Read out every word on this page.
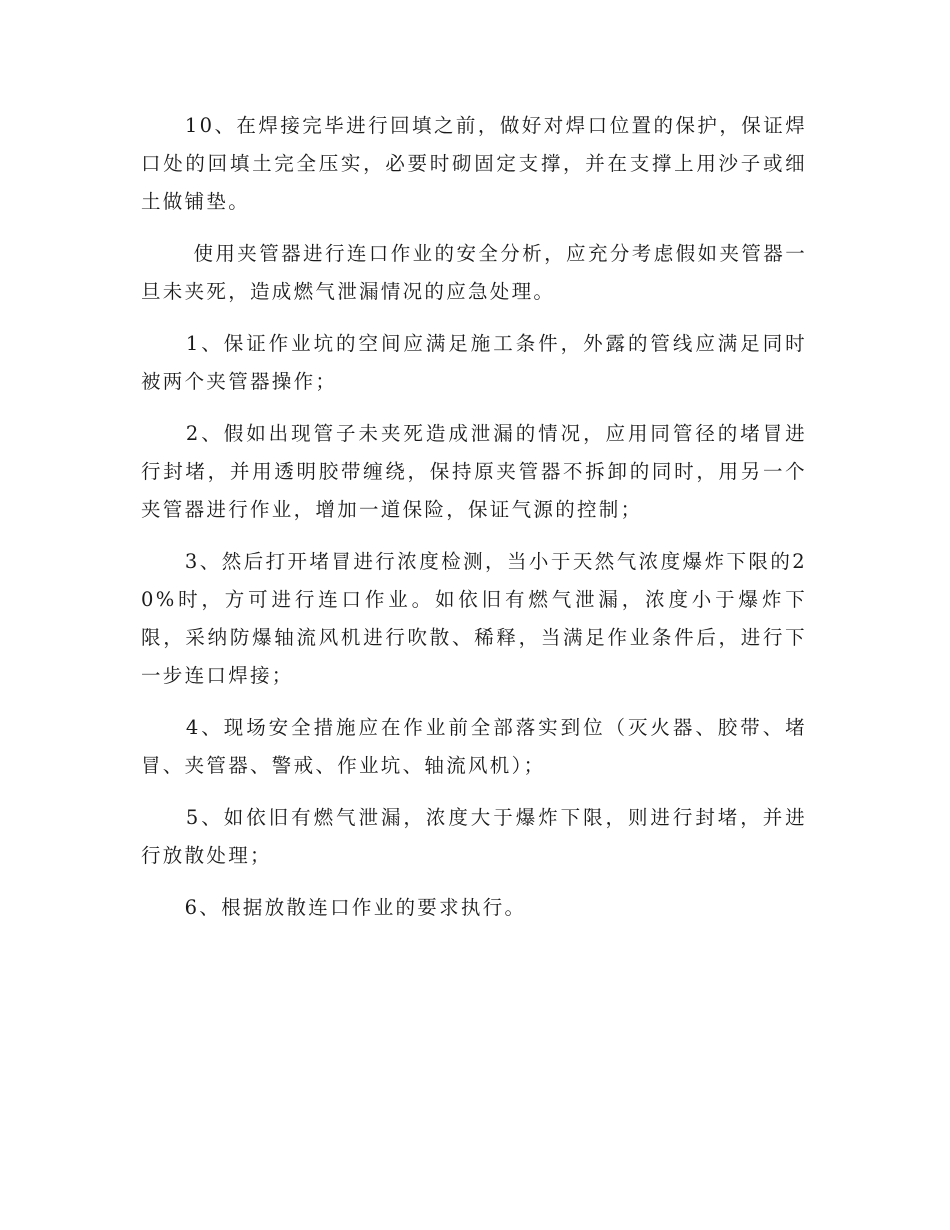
　　10、在焊接完毕进行回填之前，做好对焊口位置的保护，保证焊口处的回填土完全压实，必要时砌固定支撑，并在支撑上用沙子或细土做铺垫。

　　 使用夹管器进行连口作业的安全分析，应充分考虑假如夹管器一旦未夹死，造成燃气泄漏情况的应急处理。

　　1、保证作业坑的空间应满足施工条件，外露的管线应满足同时被两个夹管器操作；

　　2、假如出现管子未夹死造成泄漏的情况，应用同管径的堵冒进行封堵，并用透明胶带缠绕，保持原夹管器不拆卸的同时，用另一个夹管器进行作业，增加一道保险，保证气源的控制；

　　3、然后打开堵冒进行浓度检测，当小于天然气浓度爆炸下限的20%时，方可进行连口作业。如依旧有燃气泄漏，浓度小于爆炸下限，采纳防爆轴流风机进行吹散、稀释，当满足作业条件后，进行下一步连口焊接；

　　4、现场安全措施应在作业前全部落实到位（灭火器、胶带、堵冒、夹管器、警戒、作业坑、轴流风机）；

　　5、如依旧有燃气泄漏，浓度大于爆炸下限，则进行封堵，并进行放散处理；

　　6、根据放散连口作业的要求执行。
